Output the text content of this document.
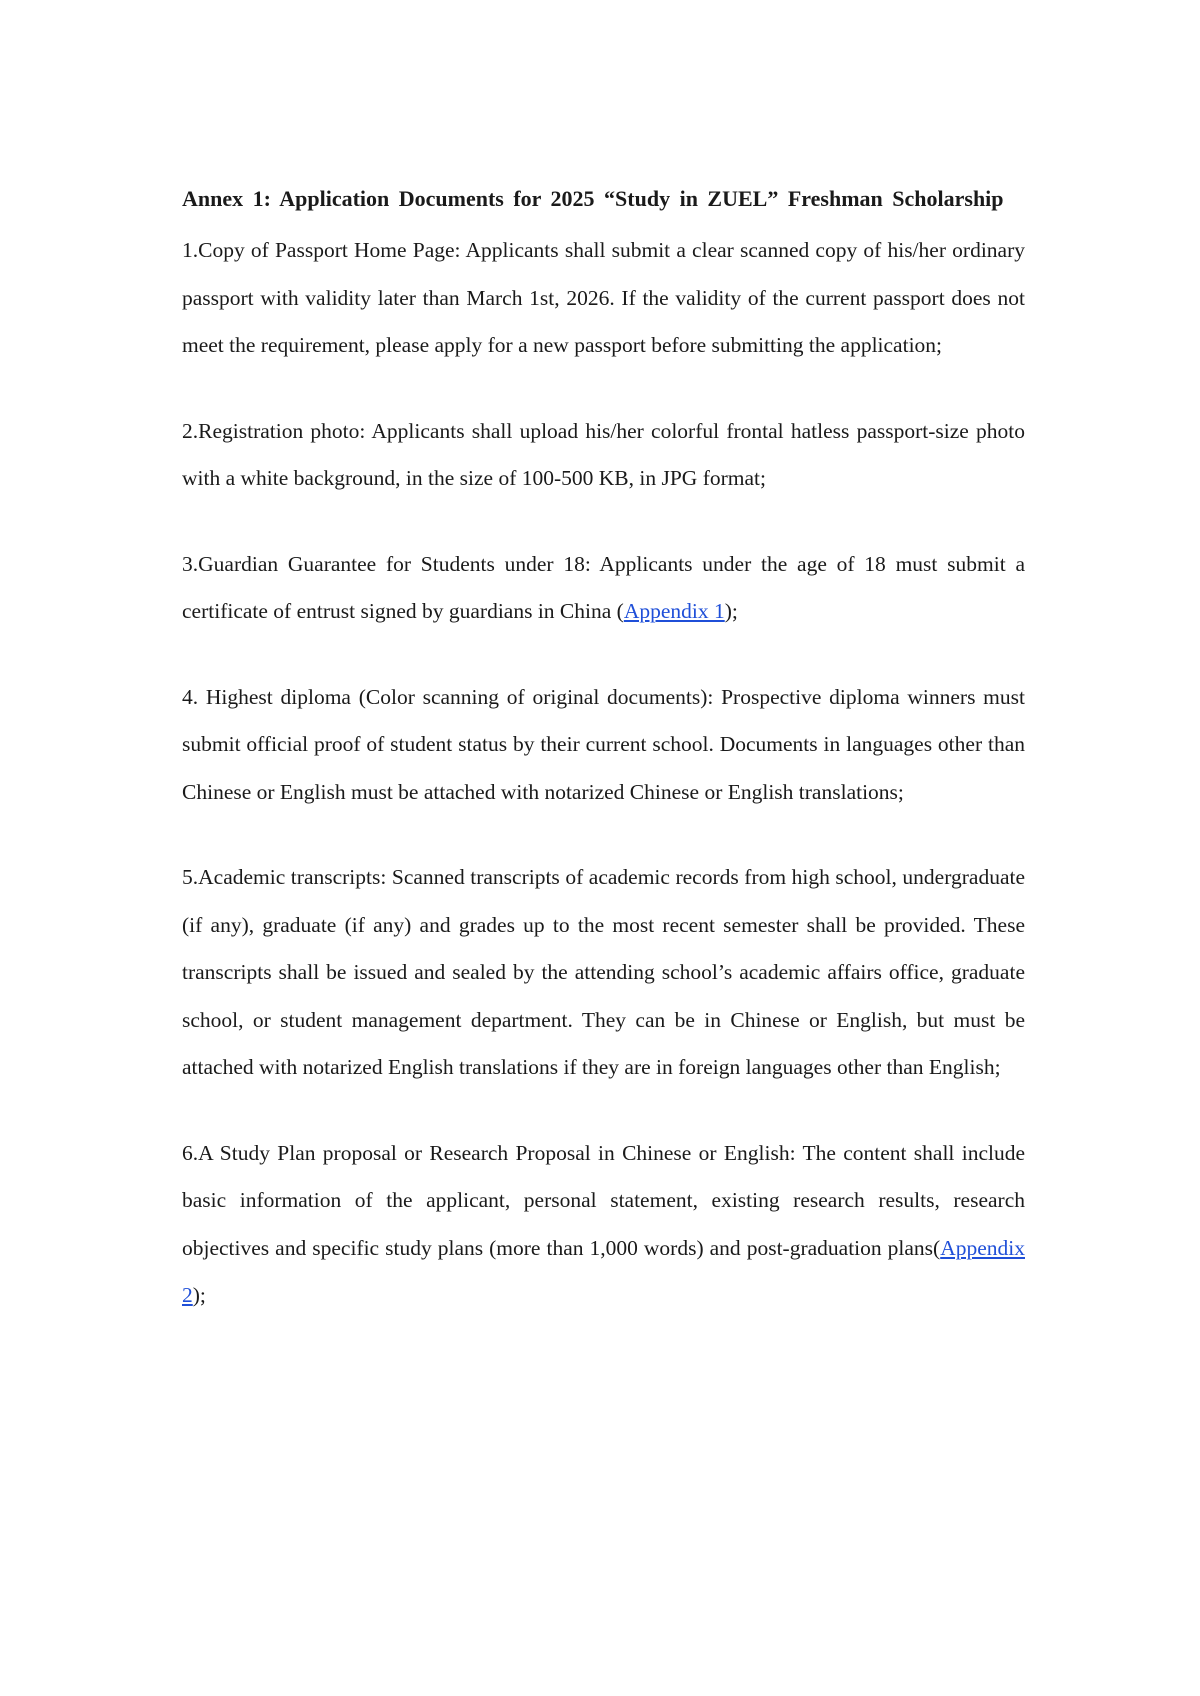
Annex 1: Application Documents for 2025 “Study in ZUEL” Freshman Scholarship

1.Copy of Passport Home Page: Applicants shall submit a clear scanned copy of his/her ordinary passport with validity later than March 1st, 2026. If the validity of the current passport does not meet the requirement, please apply for a new passport before submitting the application;

2.Registration photo: Applicants shall upload his/her colorful frontal hatless passport-size photo with a white background, in the size of 100-500 KB, in JPG format;

3.Guardian Guarantee for Students under 18: Applicants under the age of 18 must submit a certificate of entrust signed by guardians in China (Appendix 1);

4. Highest diploma (Color scanning of original documents): Prospective diploma winners must submit official proof of student status by their current school. Documents in languages other than Chinese or English must be attached with notarized Chinese or English translations;

5.Academic transcripts: Scanned transcripts of academic records from high school, undergraduate (if any), graduate (if any) and grades up to the most recent semester shall be provided. These transcripts shall be issued and sealed by the attending school’s academic affairs office, graduate school, or student management department. They can be in Chinese or English, but must be attached with notarized English translations if they are in foreign languages other than English;

6.A Study Plan proposal or Research Proposal in Chinese or English: The content shall include basic information of the applicant, personal statement, existing research results, research objectives and specific study plans (more than 1,000 words) and post-graduation plans(Appendix 2);
